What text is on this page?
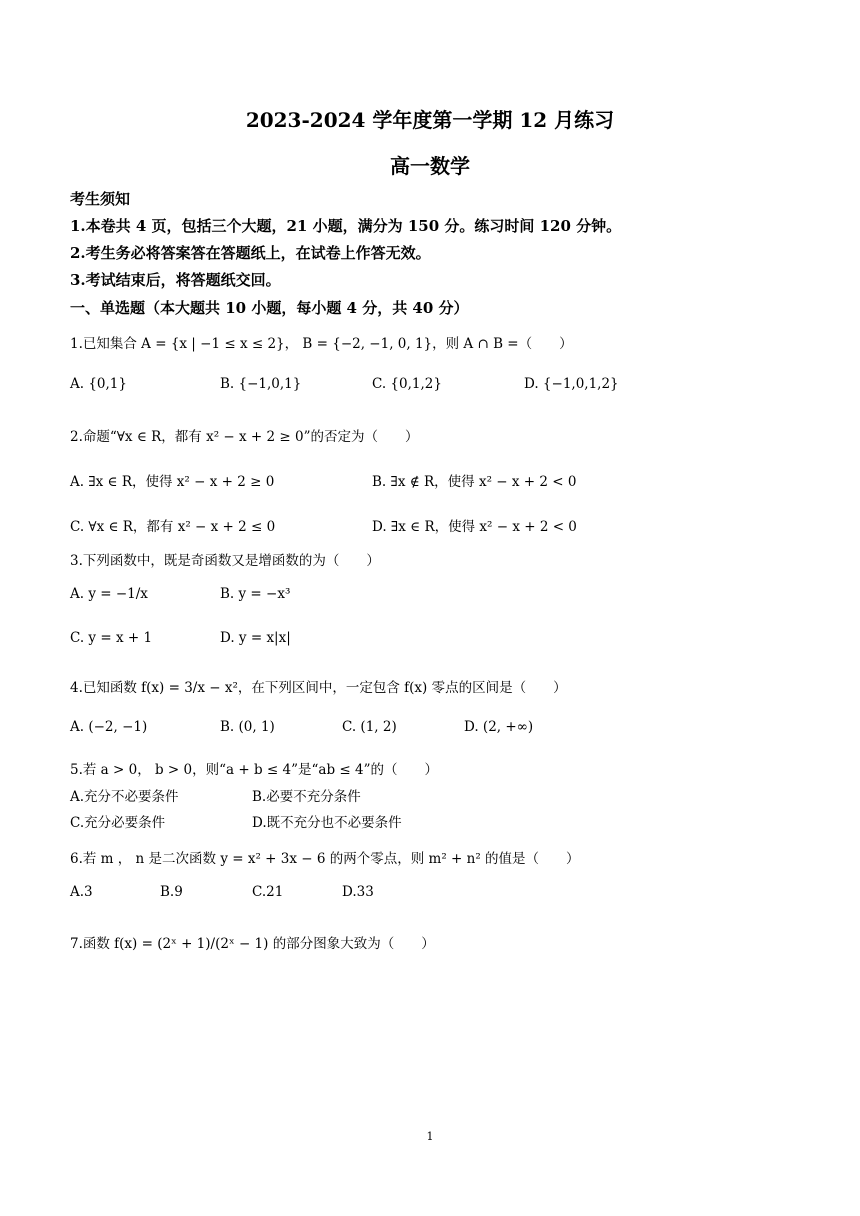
2023-2024 学年度第一学期 12 月练习
高一数学
考生须知
1.本卷共 4 页，包括三个大题，21 小题，满分为 150 分。练习时间 120 分钟。
2.考生务必将答案答在答题纸上，在试卷上作答无效。
3.考试结束后，将答题纸交回。
一、单选题（本大题共 10 小题，每小题 4 分，共 40 分）
1.已知集合 A = {x | −1 ≤ x ≤ 2}， B = {−2, −1, 0, 1}，则 A ∩ B =（　　）
A. {0,1}	B. {−1,0,1}	C. {0,1,2}	D. {−1,0,1,2}
2.命题“∀x ∈ R，都有 x² − x + 2 ≥ 0”的否定为（　　）
A. ∃x ∈ R，使得 x² − x + 2 ≥ 0	B. ∃x ∉ R，使得 x² − x + 2 < 0
C. ∀x ∈ R，都有 x² − x + 2 ≤ 0	D. ∃x ∈ R，使得 x² − x + 2 < 0
3.下列函数中，既是奇函数又是增函数的为（　　）
A. y = −1/x	B. y = −x³
C. y = x + 1	D. y = x|x|
4.已知函数 f(x) = 3/x − x²，在下列区间中，一定包含 f(x) 零点的区间是（　　）
A. (−2, −1)	B. (0, 1)	C. (1, 2)	D. (2, +∞)
5.若 a > 0， b > 0，则“a + b ≤ 4”是“ab ≤ 4”的（　　）
A.充分不必要条件	B.必要不充分条件
C.充分必要条件	D.既不充分也不必要条件
6.若 m ， n 是二次函数 y = x² + 3x − 6 的两个零点，则 m² + n² 的值是（　　）
A.3	B.9	C.21	D.33
7.函数 f(x) = (2ˣ + 1)/(2ˣ − 1) 的部分图象大致为（　　）
1
